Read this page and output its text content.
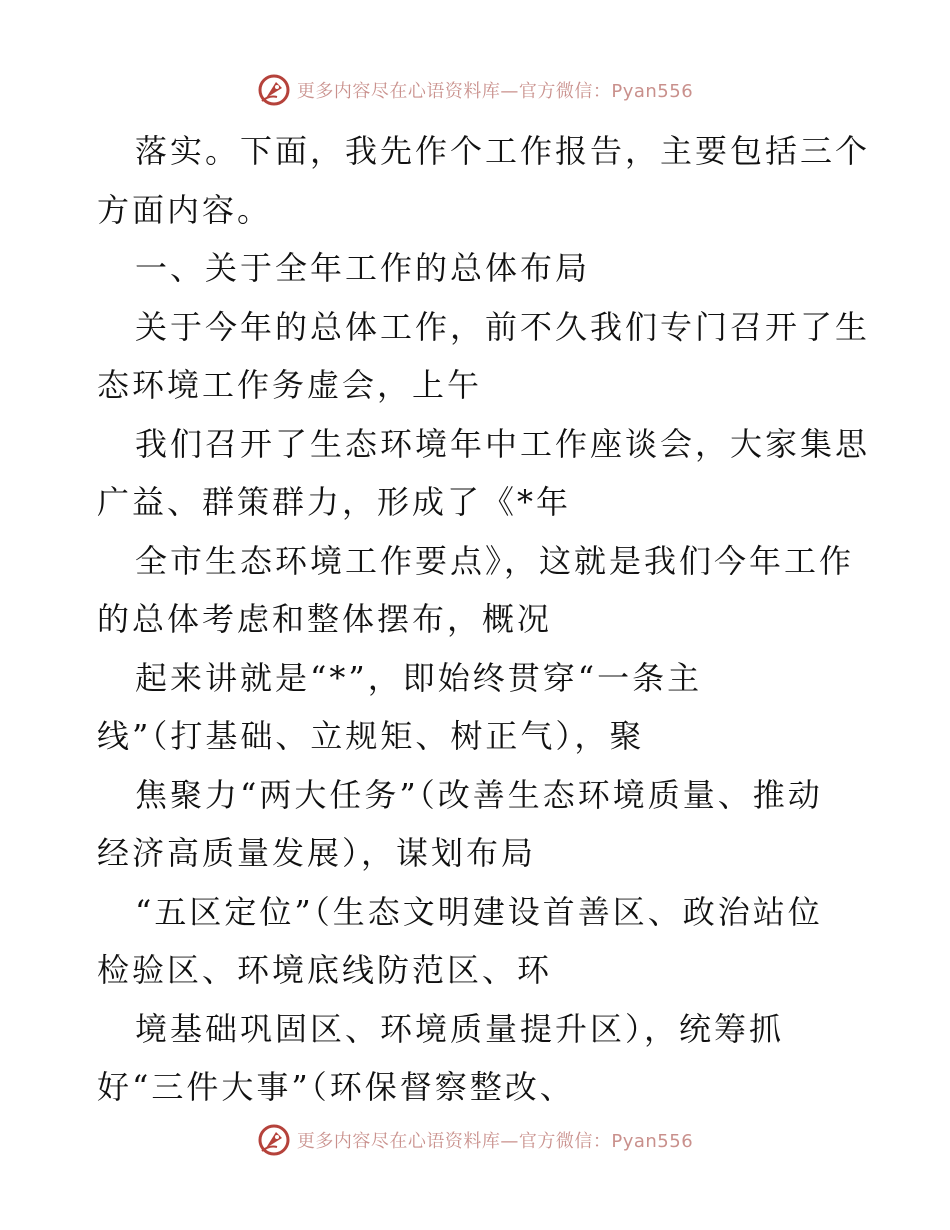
更多内容尽在心语资料库—官方微信：Pyan556
落实。下面，我先作个工作报告，主要包括三个
方面内容。
一、关于全年工作的总体布局
关于今年的总体工作，前不久我们专门召开了生
态环境工作务虚会，上午
我们召开了生态环境年中工作座谈会，大家集思
广益、群策群力，形成了《*年
全市生态环境工作要点》，这就是我们今年工作
的总体考虑和整体摆布，概况
起来讲就是“*”，即始终贯穿“一条主
线”（打基础、立规矩、树正气），聚
焦聚力“两大任务”（改善生态环境质量、推动
经济高质量发展），谋划布局
“五区定位”（生态文明建设首善区、政治站位
检验区、环境底线防范区、环
境基础巩固区、环境质量提升区），统筹抓
好“三件大事”（环保督察整改、
更多内容尽在心语资料库—官方微信：Pyan556
